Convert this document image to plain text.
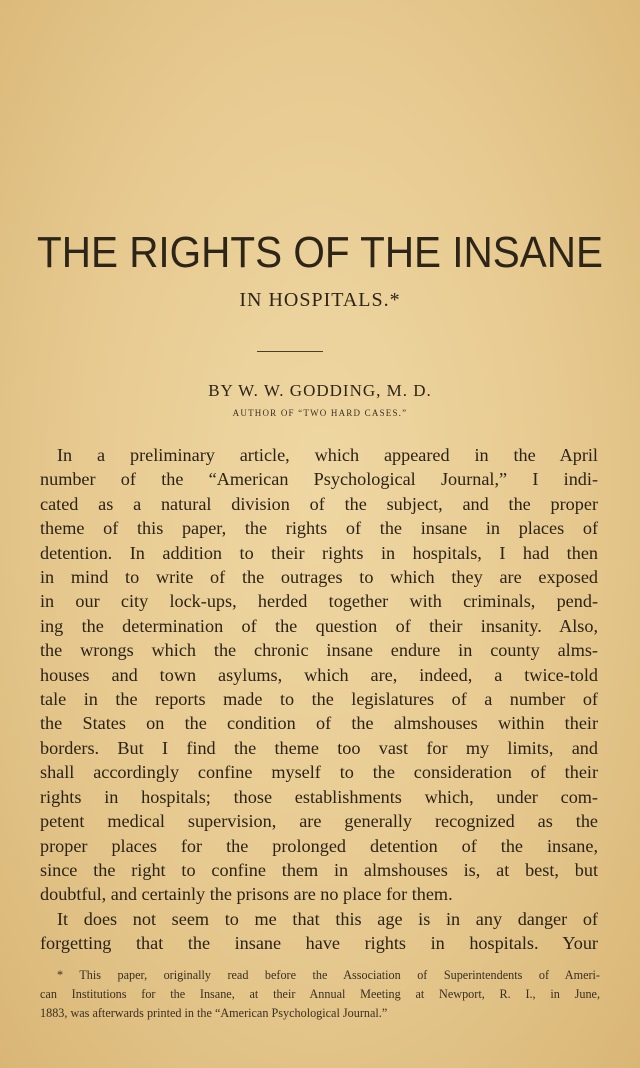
THE RIGHTS OF THE INSANE
IN HOSPITALS.*
BY W. W. GODDING, M. D.
AUTHOR OF “TWO HARD CASES.”
In a preliminary article, which appeared in the April
number of the “American Psychological Journal,” I indi-
cated as a natural division of the subject, and the proper
theme of this paper, the rights of the insane in places of
detention. In addition to their rights in hospitals, I had then
in mind to write of the outrages to which they are exposed
in our city lock-ups, herded together with criminals, pend-
ing the determination of the question of their insanity. Also,
the wrongs which the chronic insane endure in county alms-
houses and town asylums, which are, indeed, a twice-told
tale in the reports made to the legislatures of a number of
the States on the condition of the almshouses within their
borders. But I find the theme too vast for my limits, and
shall accordingly confine myself to the consideration of their
rights in hospitals; those establishments which, under com-
petent medical supervision, are generally recognized as the
proper places for the prolonged detention of the insane,
since the right to confine them in almshouses is, at best, but
doubtful, and certainly the prisons are no place for them.
It does not seem to me that this age is in any danger of
forgetting that the insane have rights in hospitals. Your
* This paper, originally read before the Association of Superintendents of Ameri-
can Institutions for the Insane, at their Annual Meeting at Newport, R. I., in June,
1883, was afterwards printed in the “American Psychological Journal.”
